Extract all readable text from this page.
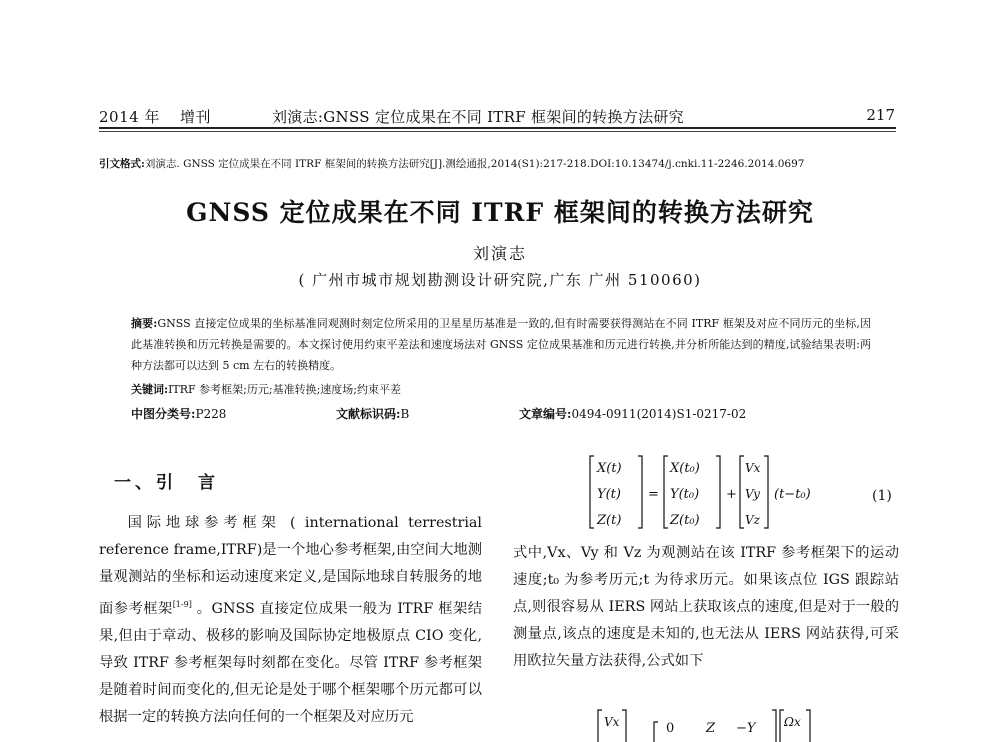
2014 年 增刊	刘演志:GNSS 定位成果在不同 ITRF 框架间的转换方法研究	217
引文格式:刘演志. GNSS 定位成果在不同 ITRF 框架间的转换方法研究[J].测绘通报,2014(S1):217-218.DOI:10.13474/j.cnki.11-2246.2014.0697
GNSS 定位成果在不同 ITRF 框架间的转换方法研究
刘演志
( 广州市城市规划勘测设计研究院,广东 广州 510060)
摘要:GNSS 直接定位成果的坐标基准同观测时刻定位所采用的卫星星历基准是一致的,但有时需要获得测站在不同 ITRF 框架及对应不同历元的坐标,因此基准转换和历元转换是需要的。本文探讨使用约束平差法和速度场法对 GNSS 定位成果基准和历元进行转换,并分析所能达到的精度,试验结果表明:两种方法都可以达到 5 cm 左右的转换精度。
关键词:ITRF 参考框架;历元;基准转换;速度场;约束平差
中图分类号:P228	文献标识码:B	文章编号:0494-0911(2014)S1-0217-02
一、引　言

国际地球参考框架 ( international terrestrial reference frame,ITRF)是一个地心参考框架,由空间大地测量观测站的坐标和运动速度来定义,是国际地球自转服务的地面参考框架[1-9] 。GNSS 直接定位成果一般为 ITRF 框架结果,但由于章动、极移的影响及国际协定地极原点 CIO 变化,导致 ITRF 参考框架每时刻都在变化。尽管 ITRF 参考框架是随着时间而变化的,但无论是处于哪个框架哪个历元都可以根据一定的转换方法向任何的一个框架及对应历元

X(t)
Y(t)
Z(t)
=
X(t₀)
Y(t₀)
Z(t₀)
+
Vx
Vy
Vz
(t−t₀)	(1)

式中,Vx、Vy 和 Vz 为观测站在该 ITRF 参考框架下的运动速度;t₀ 为参考历元;t 为待求历元。如果该点位 IGS 跟踪站点,则很容易从 IERS 网站上获取该点的速度,但是对于一般的测量点,该点的速度是未知的,也无法从 IERS 网站获得,可采用欧拉矢量方法获得,公式如下

Vx	0 Z −Y Ωx
